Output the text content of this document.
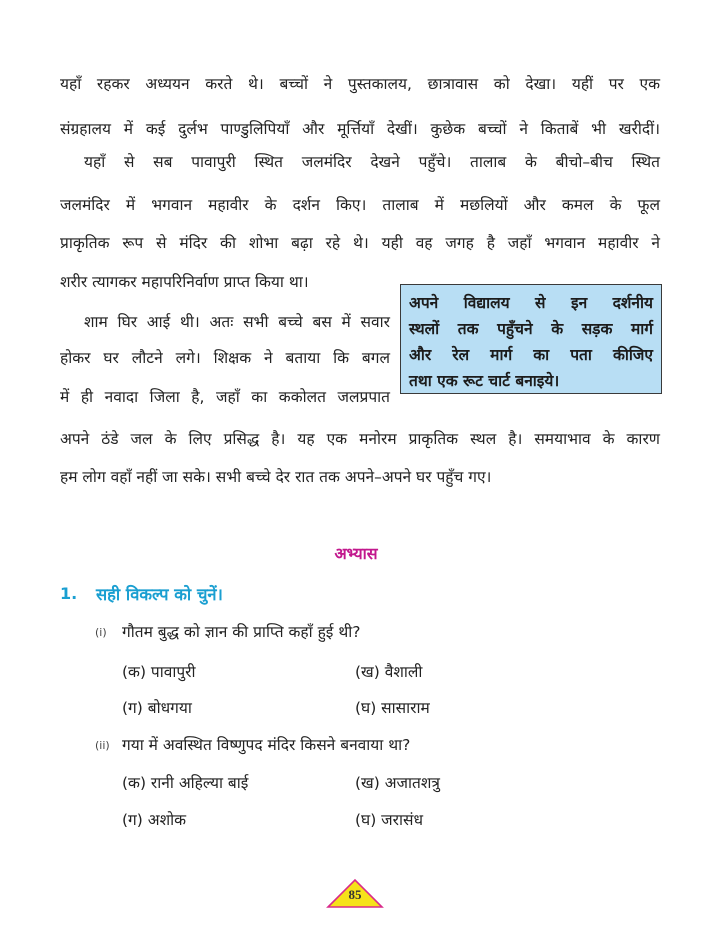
यहाँ रहकर अध्ययन करते थे। बच्चों ने पुस्तकालय, छात्रावास को देखा। यहीं पर एक
संग्रहालय में कई दुर्लभ पाण्डुलिपियाँ और मूर्त्तियाँ देखीं। कुछेक बच्चों ने किताबें भी खरीदीं।
यहाँ से सब पावापुरी स्थित जलमंदिर देखने पहुँचे। तालाब के बीचो–बीच स्थित
जलमंदिर में भगवान महावीर के दर्शन किए। तालाब में मछलियों और कमल के फूल
प्राकृतिक रूप से मंदिर की शोभा बढ़ा रहे थे। यही वह जगह है जहाँ भगवान महावीर ने
शरीर त्यागकर महापरिनिर्वाण प्राप्त किया था।
शाम घिर आई थी। अतः सभी बच्चे बस में सवार
होकर घर लौटने लगे। शिक्षक ने बताया कि बगल
में ही नवादा जिला है, जहाँ का ककोलत जलप्रपात
अपने ठंडे जल के लिए प्रसिद्ध है। यह एक मनोरम प्राकृतिक स्थल है। समयाभाव के कारण
हम लोग वहाँ नहीं जा सके। सभी बच्चे देर रात तक अपने–अपने घर पहुँच गए।
अपने विद्यालय से इन दर्शनीय
स्थलों तक पहुँचने के सड़क मार्ग
और रेल मार्ग का पता कीजिए
तथा एक रूट चार्ट बनाइये।
अभ्यास
1. सही विकल्प को चुनें।
(i) गौतम बुद्ध को ज्ञान की प्राप्ति कहाँ हुई थी?
(क) पावापुरी	(ख) वैशाली
(ग) बोधगया	(घ) सासाराम
(ii) गया में अवस्थित विष्णुपद मंदिर किसने बनवाया था?
(क) रानी अहिल्या बाई	(ख) अजातशत्रु
(ग) अशोक	(घ) जरासंध
85
